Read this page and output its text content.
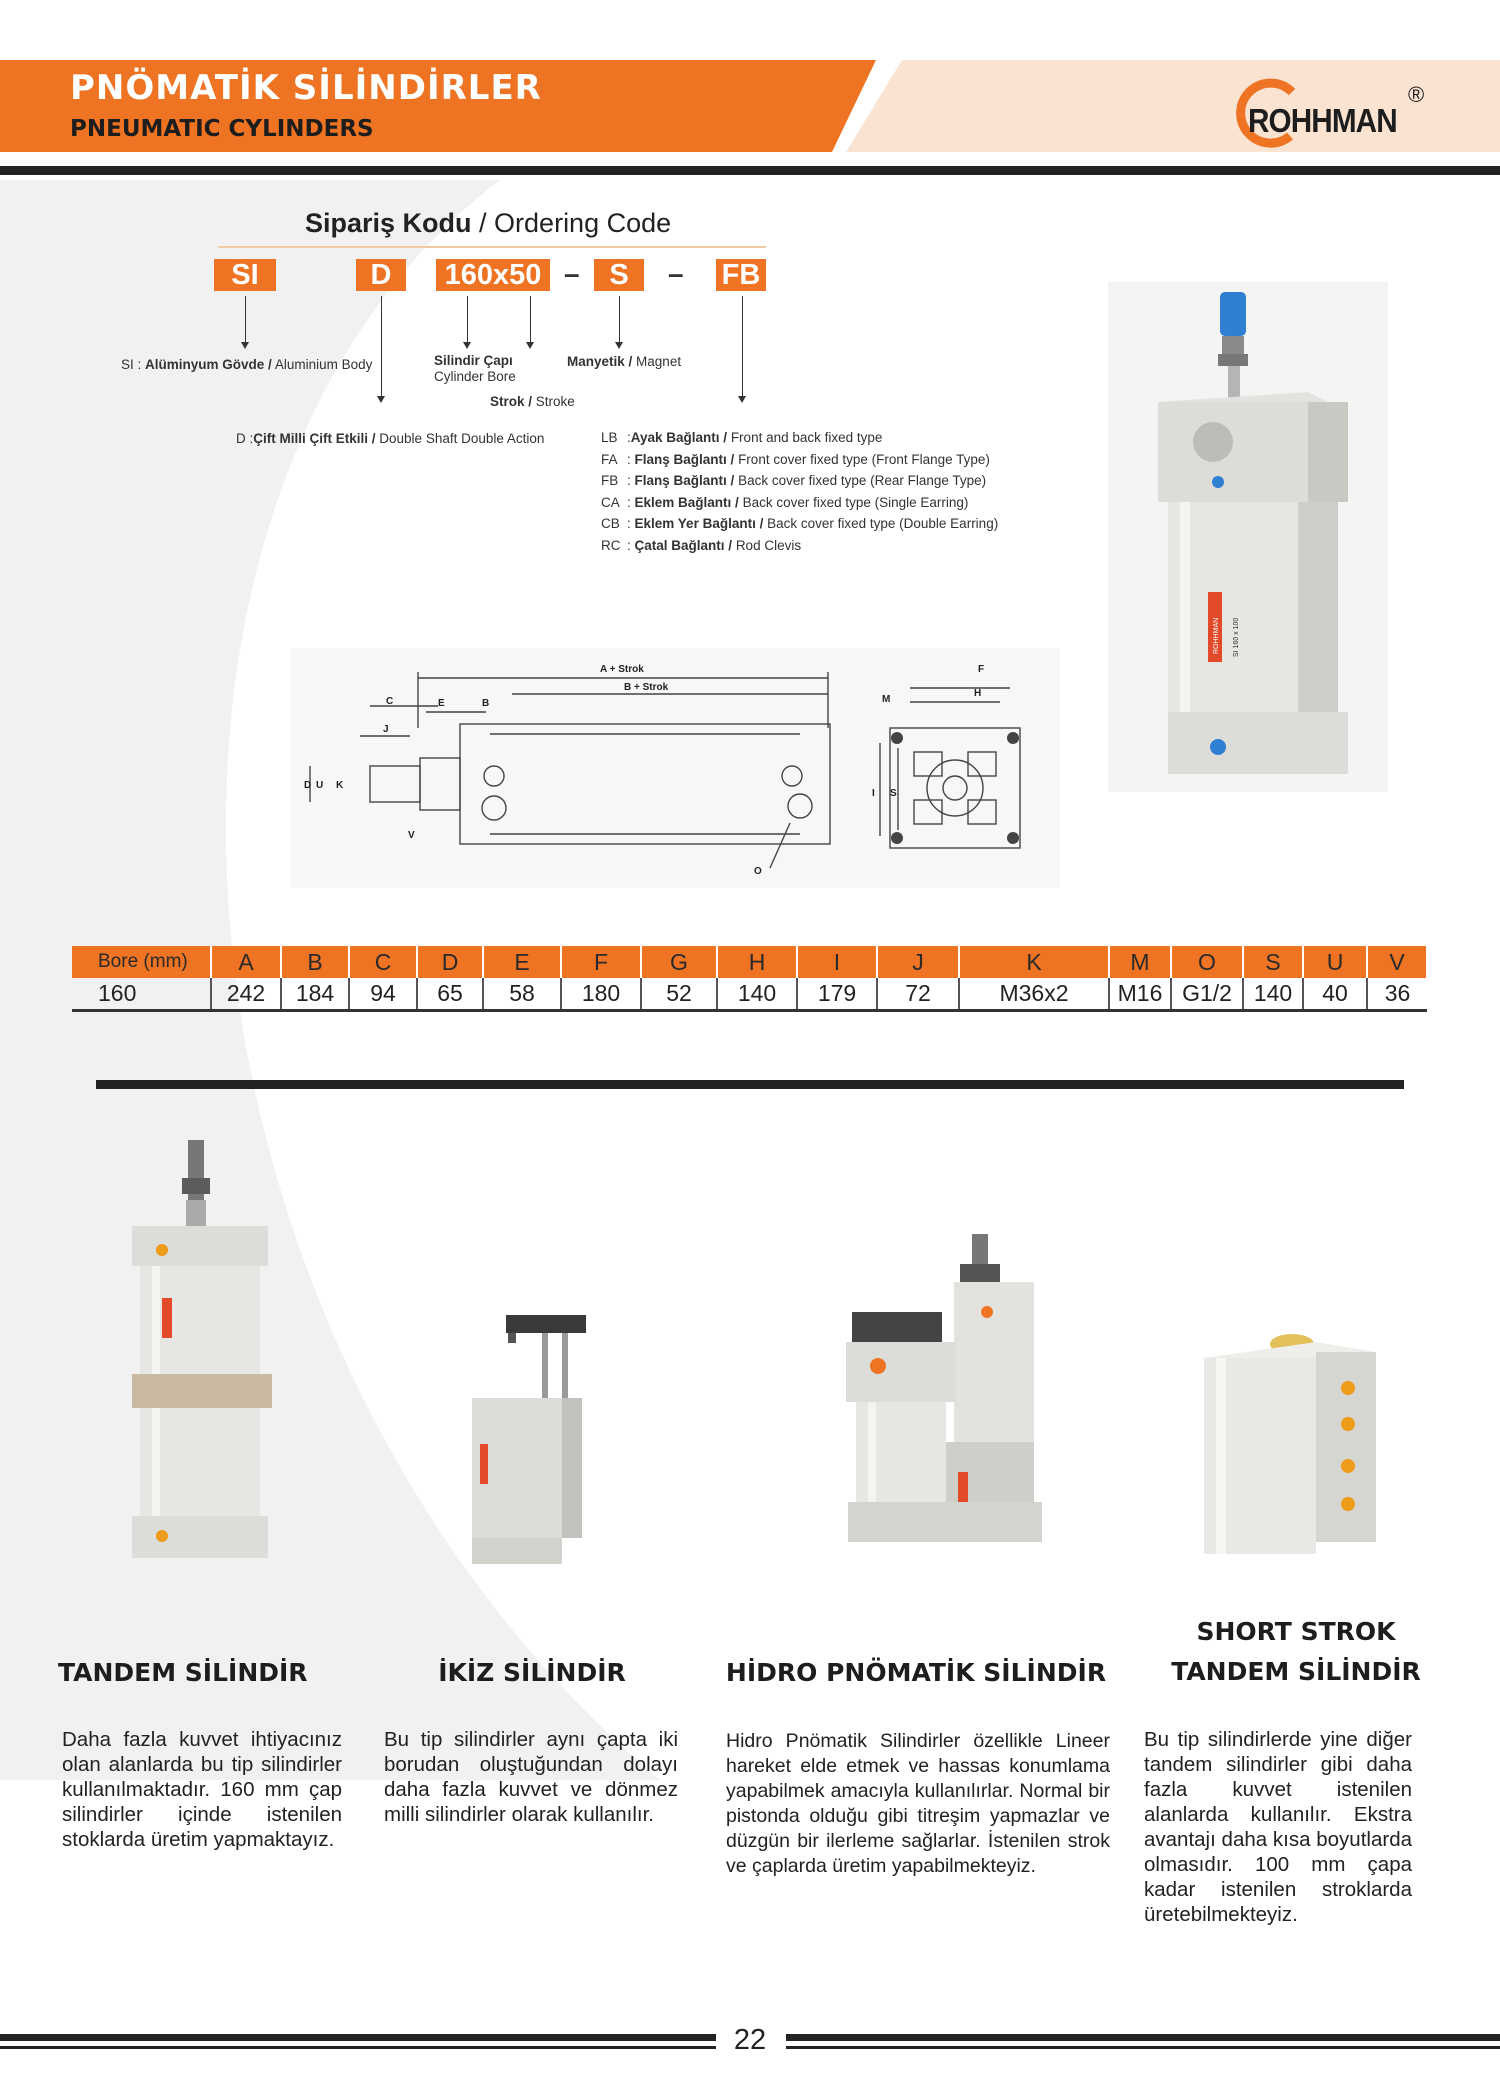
PNÖMATİK SİLİNDİRLER
PNEUMATIC CYLINDERS	ROHHMAN
®
Sipariş Kodu / Ordering Code
SI	D	160x50 –	S	– FB
SI : Alüminyum Gövde / Aluminium Body	Silindir Çapı
Cylinder Bore
Manyetik / Magnet
Strok / Stroke
D :Çift Milli Çift Etkili / Double Shaft Double Action	LB :Ayak Bağlantı / Front and back fixed type
FA : Flanş Bağlantı / Front cover fixed type (Front Flange Type)
FB : Flanş Bağlantı / Back cover fixed type (Rear Flange Type)
CA : Eklem Bağlantı / Back cover fixed type (Single Earring)
CB : Eklem Yer Bağlantı / Back cover fixed type (Double Earring)
RC : Çatal Bağlantı / Rod Clevis
ROHHMAN SI 160 x 100
A + Strok
B + Strok
C	E	B
J
D U K
V
O
F
H
M
I S
Bore (mm)	A	B	C	D	E	F	G	H	I	J	K	M	O	S	U	V
160	242	184	94	65	58	180	52	140	179	72	M36x2	M16	G1/2	140	40	36
TANDEM SİLİNDİR	İKİZ SİLİNDİR	HİDRO PNÖMATİK SİLİNDİR
SHORT STROK
TANDEM SİLİNDİR
Daha fazla kuvvet ihtiyacınız olan alanlarda bu tip silindirler kullanılmaktadır. 160 mm çap silindirler içinde istenilen stoklarda üretim yapmaktayız.
Bu tip silindirler aynı çapta iki borudan oluştuğundan dolayı daha fazla kuvvet ve dönmez milli silindirler olarak kullanılır.
Hidro Pnömatik Silindirler özellikle Lineer hareket elde etmek ve hassas konumlama yapabilmek amacıyla kullanılırlar. Normal bir pistonda olduğu gibi titreşim yapmazlar ve düzgün bir ilerleme sağlarlar. İstenilen strok ve çaplarda üretim yapabilmekteyiz.
Bu tip silindirlerde yine diğer tandem silindirler gibi daha fazla kuvvet istenilen alanlarda kullanılır. Ekstra avantajı daha kısa boyutlarda olmasıdır. 100 mm çapa kadar istenilen stroklarda üretebilmekteyiz.
22
